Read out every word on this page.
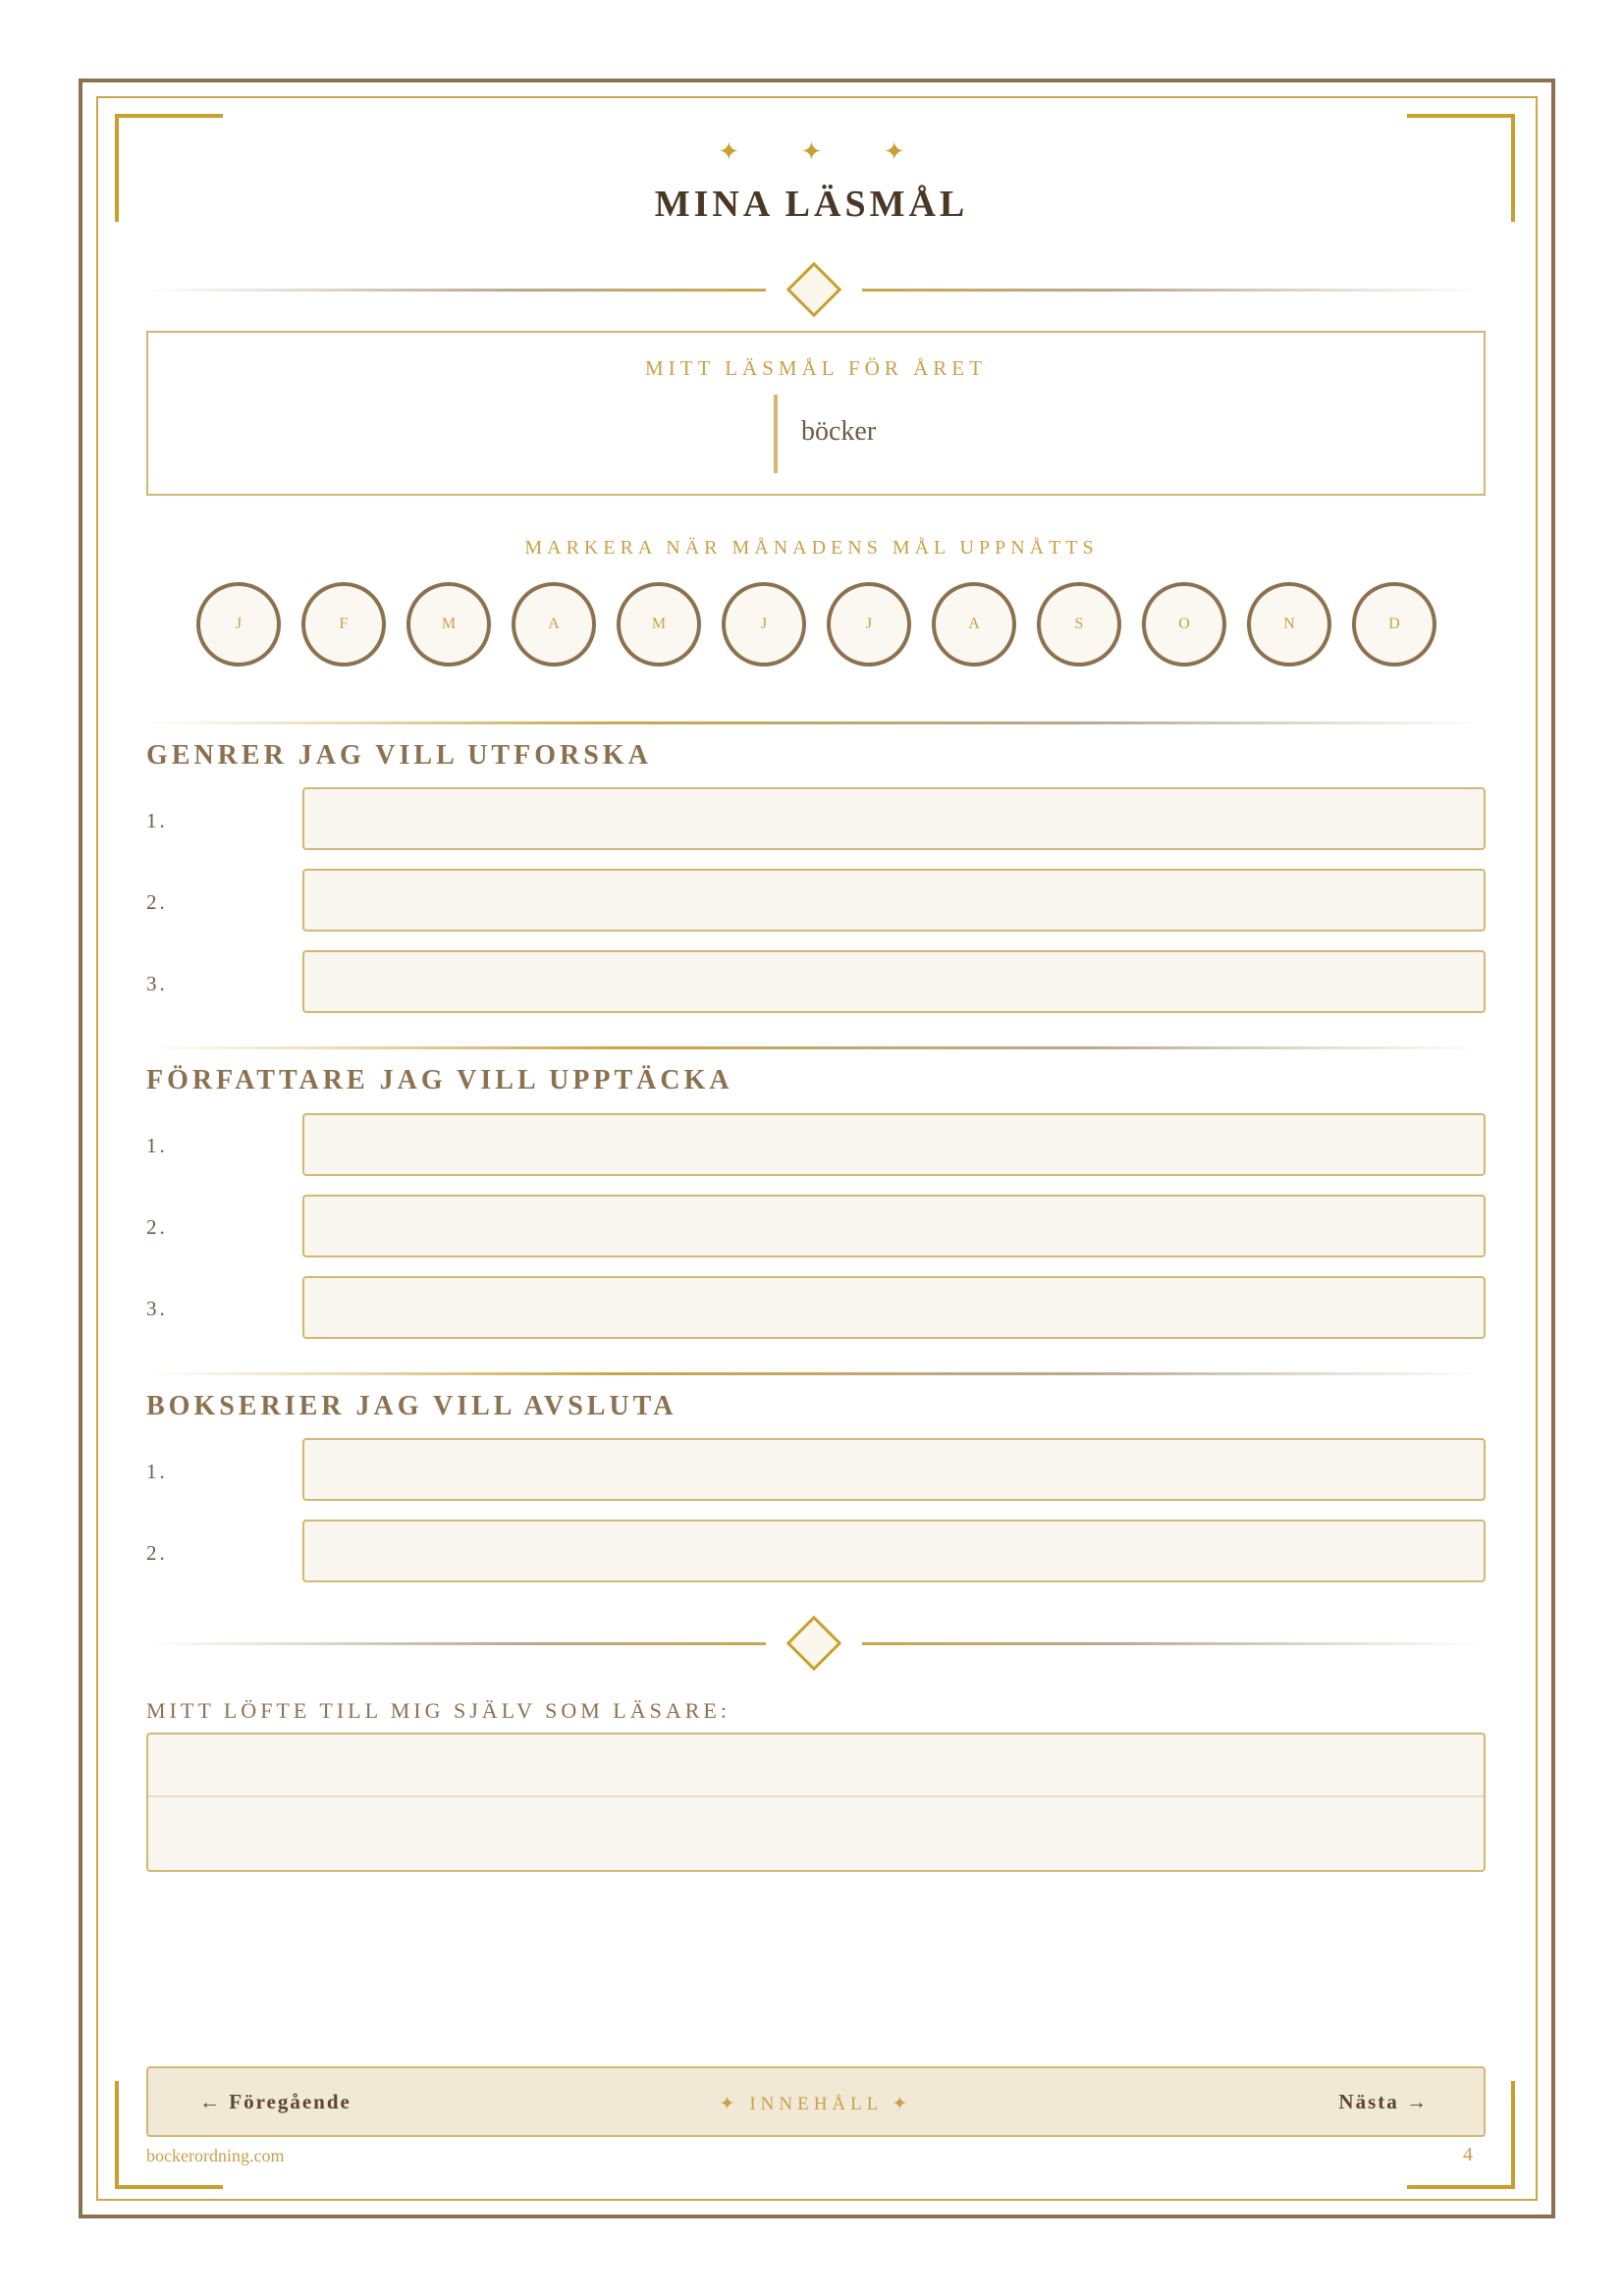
✦ ✦ ✦
MINA LÄSMÅL
MITT LÄSMÅL FÖR ÅRET
böcker
MARKERA NÄR MÅNADENS MÅL UPPNÅTTS
J	F	M	A	M	J	J	A	S	O	N	D
GENRER JAG VILL UTFORSKA
1.
2.
3.
FÖRFATTARE JAG VILL UPPTÄCKA
1.
2.
3.
BOKSERIER JAG VILL AVSLUTA
1.
2.
MITT LÖFTE TILL MIG SJÄLV SOM LÄSARE:
← Föregående	✦ INNEHÅLL ✦	Nästa →
bockerordning.com	4
